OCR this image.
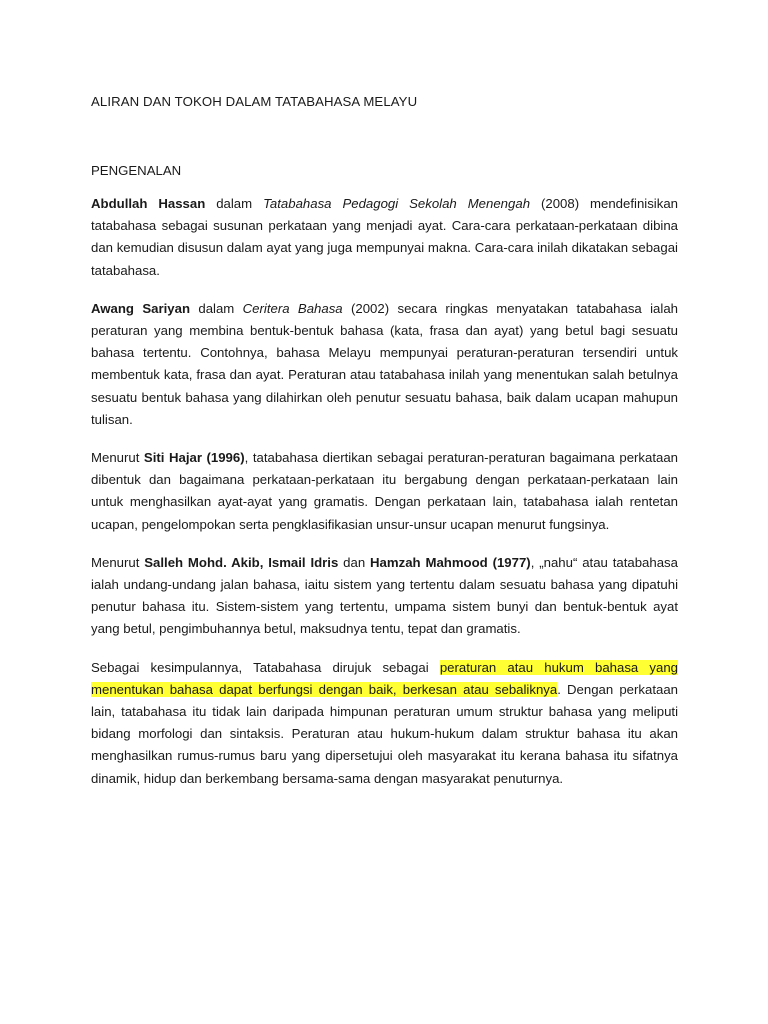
ALIRAN DAN TOKOH DALAM TATABAHASA MELAYU
PENGENALAN

Abdullah Hassan dalam Tatabahasa Pedagogi Sekolah Menengah (2008) mendefinisikan tatabahasa sebagai susunan perkataan yang menjadi ayat. Cara-cara perkataan-perkataan dibina dan kemudian disusun dalam ayat yang juga mempunyai makna. Cara-cara inilah dikatakan sebagai tatabahasa.

Awang Sariyan dalam Ceritera Bahasa (2002) secara ringkas menyatakan tatabahasa ialah peraturan yang membina bentuk-bentuk bahasa (kata, frasa dan ayat) yang betul bagi sesuatu bahasa tertentu. Contohnya, bahasa Melayu mempunyai peraturan-peraturan tersendiri untuk membentuk kata, frasa dan ayat. Peraturan atau tatabahasa inilah yang menentukan salah betulnya sesuatu bentuk bahasa yang dilahirkan oleh penutur sesuatu bahasa, baik dalam ucapan mahupun tulisan.

Menurut Siti Hajar (1996), tatabahasa diertikan sebagai peraturan-peraturan bagaimana perkataan dibentuk dan bagaimana perkataan-perkataan itu bergabung dengan perkataan-perkataan lain untuk menghasilkan ayat-ayat yang gramatis. Dengan perkataan lain, tatabahasa ialah rentetan ucapan, pengelompokan serta pengklasifikasian unsur-unsur ucapan menurut fungsinya.

Menurut Salleh Mohd. Akib, Ismail Idris dan Hamzah Mahmood (1977), „nahu“ atau tatabahasa ialah undang-undang jalan bahasa, iaitu sistem yang tertentu dalam sesuatu bahasa yang dipatuhi penutur bahasa itu. Sistem-sistem yang tertentu, umpama sistem bunyi dan bentuk-bentuk ayat yang betul, pengimbuhannya betul, maksudnya tentu, tepat dan gramatis.

Sebagai kesimpulannya, Tatabahasa dirujuk sebagai peraturan atau hukum bahasa yang menentukan bahasa dapat berfungsi dengan baik, berkesan atau sebaliknya. Dengan perkataan lain, tatabahasa itu tidak lain daripada himpunan peraturan umum struktur bahasa yang meliputi bidang morfologi dan sintaksis. Peraturan atau hukum-hukum dalam struktur bahasa itu akan menghasilkan rumus-rumus baru yang dipersetujui oleh masyarakat itu kerana bahasa itu sifatnya dinamik, hidup dan berkembang bersama-sama dengan masyarakat penuturnya.
